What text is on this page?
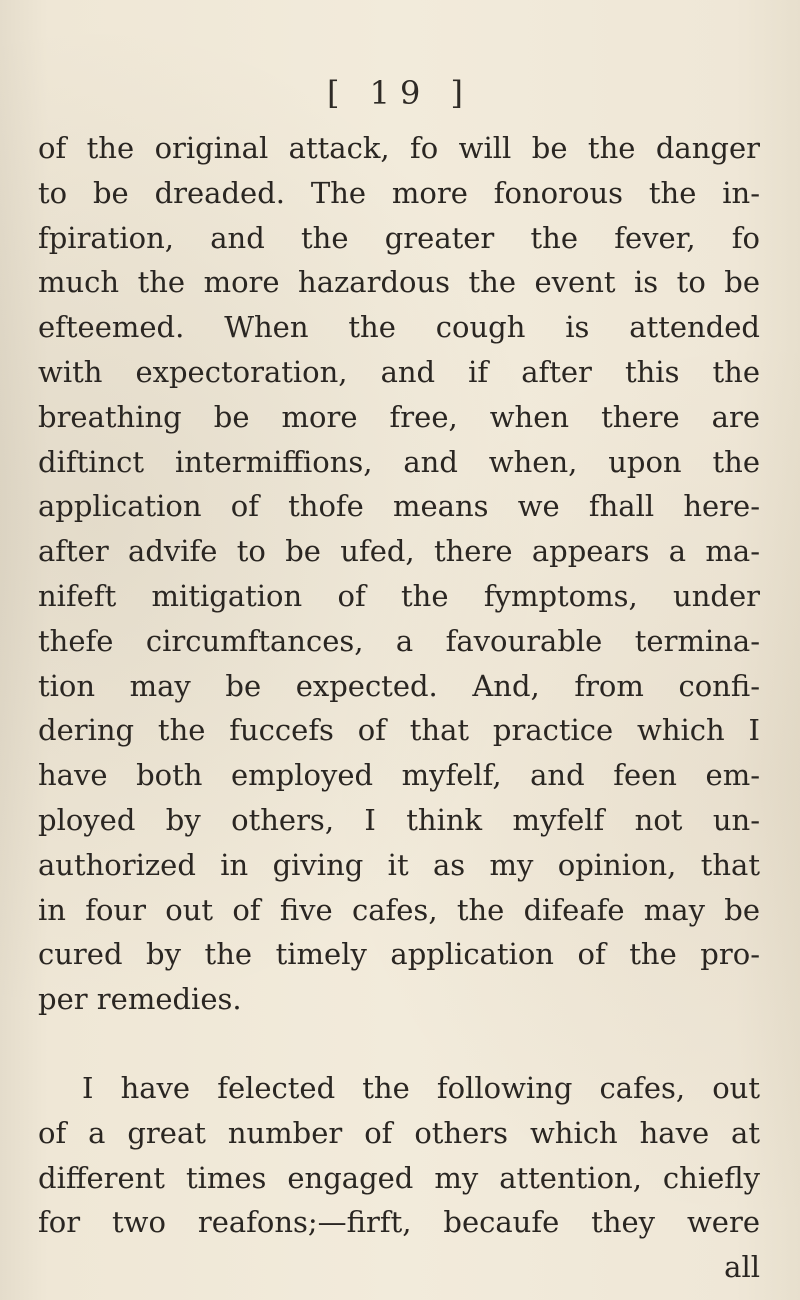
[ 19 ]
of the original attack, fo will be the danger
to be dreaded. The more fonorous the in-
fpiration, and the greater the fever, fo
much the more hazardous the event is to be
efteemed. When the cough is attended
with expectoration, and if after this the
breathing be more free, when there are
diftinct intermiffions, and when, upon the
application of thofe means we fhall here-
after advife to be ufed, there appears a ma-
nifeft mitigation of the fymptoms, under
thefe circumftances, a favourable termina-
tion may be expected. And, from confi-
dering the fuccefs of that practice which I
have both employed myfelf, and feen em-
ployed by others, I think myfelf not un-
authorized in giving it as my opinion, that
in four out of five cafes, the difeafe may be
cured by the timely application of the pro-
per remedies.
I have felected the following cafes, out
of a great number of others which have at
different times engaged my attention, chiefly
for two reafons;—firft, becaufe they were
all
